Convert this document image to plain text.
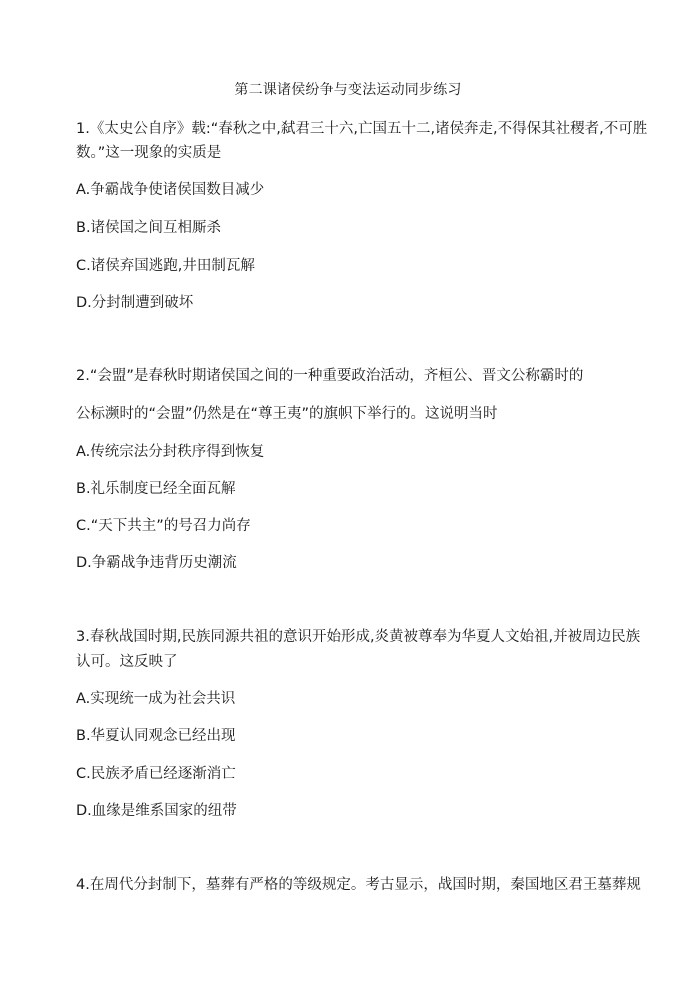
第二课诸侯纷争与变法运动同步练习
1.《太史公自序》载:“春秋之中,弑君三十六,亡国五十二,诸侯奔走,不得保其社稷者,不可胜
数。”这一现象的实质是
A.争霸战争使诸侯国数目减少
B.诸侯国之间互相厮杀
C.诸侯弃国逃跑,井田制瓦解
D.分封制遭到破坏
2.“会盟”是春秋时期诸侯国之间的一种重要政治活动，齐桓公、晋文公称霸时的
公标濒时的“会盟”仍然是在“尊王夷”的旗帜下举行的。这说明当时
A.传统宗法分封秩序得到恢复
B.礼乐制度已经全面瓦解
C.“天下共主”的号召力尚存
D.争霸战争违背历史潮流
3.春秋战国时期,民族同源共祖的意识开始形成,炎黄被尊奉为华夏人文始祖,并被周边民族
认可。这反映了
A.实现统一成为社会共识
B.华夏认同观念已经出现
C.民族矛盾已经逐渐消亡
D.血缘是维系国家的纽带
4.在周代分封制下，墓葬有严格的等级规定。考古显示，战国时期，秦国地区君王墓葬规
